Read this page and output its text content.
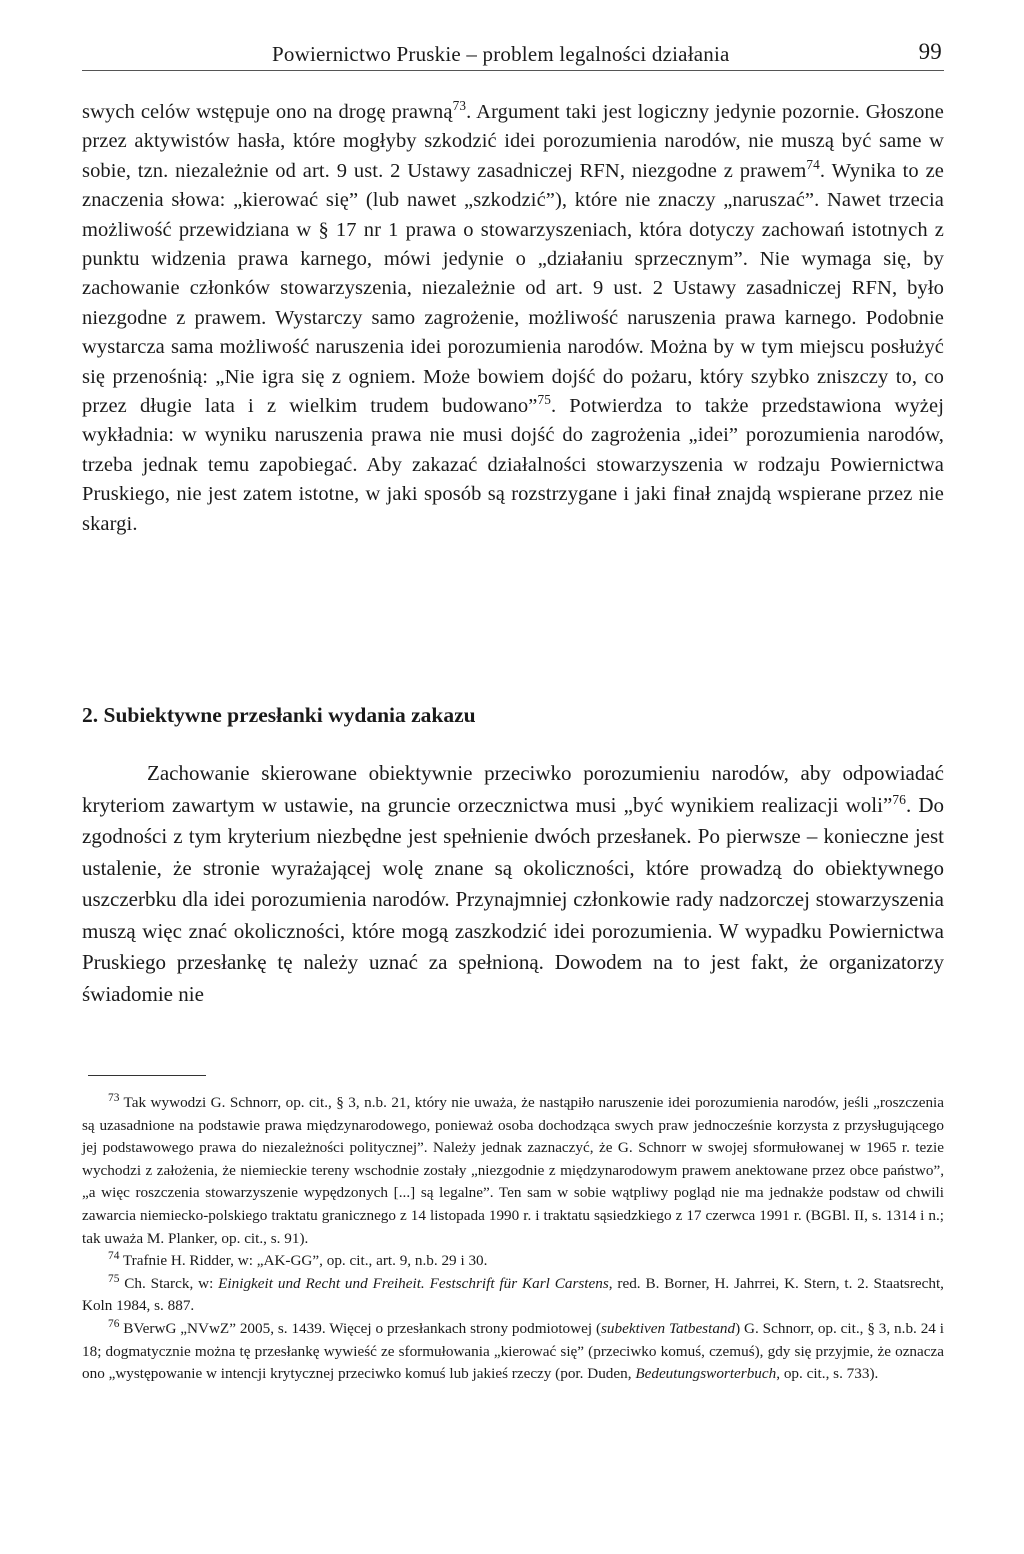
Powiernictwo Pruskie – problem legalności działania	99
swych celów wstępuje ono na drogę prawną$^{73}$. Argument taki jest logiczny jedynie pozornie. Głoszone przez aktywistów hasła, które mogłyby szkodzić idei porozumienia narodów, nie muszą być same w sobie, tzn. niezależnie od art. 9 ust. 2 Ustawy zasadniczej RFN, niezgodne z prawem$^{74}$. Wynika to ze znaczenia słowa: „kierować się” (lub nawet „szkodzić”), które nie znaczy „naruszać”. Nawet trzecia możliwość przewidziana w § 17 nr 1 prawa o stowarzyszeniach, która dotyczy zachowań istotnych z punktu widzenia prawa karnego, mówi jedynie o „działaniu sprzecznym”. Nie wymaga się, by zachowanie członków stowarzyszenia, niezależnie od art. 9 ust. 2 Ustawy zasadniczej RFN, było niezgodne z prawem. Wystarczy samo zagrożenie, możliwość naruszenia prawa karnego. Podobnie wystarcza sama możliwość naruszenia idei porozumienia narodów. Można by w tym miejscu posłużyć się przenośnią: „Nie igra się z ogniem. Może bowiem dojść do pożaru, który szybko zniszczy to, co przez długie lata i z wielkim trudem budowano”$^{75}$. Potwierdza to także przedstawiona wyżej wykładnia: w wyniku naruszenia prawa nie musi dojść do zagrożenia „idei” porozumienia narodów, trzeba jednak temu zapobiegać. Aby zakazać działalności stowarzyszenia w rodzaju Powiernictwa Pruskiego, nie jest zatem istotne, w jaki sposób są rozstrzygane i jaki finał znajdą wspierane przez nie skargi.
2. Subiektywne przesłanki wydania zakazu
Zachowanie skierowane obiektywnie przeciwko porozumieniu narodów, aby odpowiadać kryteriom zawartym w ustawie, na gruncie orzecznictwa musi „być wynikiem realizacji woli”$^{76}$. Do zgodności z tym kryterium niezbędne jest spełnienie dwóch przesłanek. Po pierwsze – konieczne jest ustalenie, że stronie wyrażającej wolę znane są okoliczności, które prowadzą do obiektywnego uszczerbku dla idei porozumienia narodów. Przynajmniej członkowie rady nadzorczej stowarzyszenia muszą więc znać okoliczności, które mogą zaszkodzić idei porozumienia. W wypadku Powiernictwa Pruskiego przesłankę tę należy uznać za spełnioną. Dowodem na to jest fakt, że organizatorzy świadomie nie

$^{73}$ Tak wywodzi G. Schnorr, op. cit., § 3, n.b. 21, który nie uważa, że nastąpiło naruszenie idei porozumienia narodów, jeśli „roszczenia są uzasadnione na podstawie prawa międzynarodowego, ponieważ osoba dochodząca swych praw jednocześnie korzysta z przysługującego jej podstawowego prawa do niezależności politycznej”. Należy jednak zaznaczyć, że G. Schnorr w swojej sformułowanej w 1965 r. tezie wychodzi z założenia, że niemieckie tereny wschodnie zostały „niezgodnie z międzynarodowym prawem anektowane przez obce państwo”, „a więc roszczenia stowarzyszenie wypędzonych [...] są legalne”. Ten sam w sobie wątpliwy pogląd nie ma jednakże podstaw od chwili zawarcia niemiecko-polskiego traktatu granicznego z 14 listopada 1990 r. i traktatu sąsiedzkiego z 17 czerwca 1991 r. (BGBl. II, s. 1314 i n.; tak uważa M. Planker, op. cit., s. 91).

$^{74}$ Trafnie H. Ridder, w: „AK-GG”, op. cit., art. 9, n.b. 29 i 30.

$^{75}$ Ch. Starck, w: Einigkeit und Recht und Freiheit. Festschrift für Karl Carstens, red. B. Borner, H. Jahrrei, K. Stern, t. 2. Staatsrecht, Koln 1984, s. 887.

$^{76}$ BVerwG „NVwZ” 2005, s. 1439. Więcej o przesłankach strony podmiotowej (subektiven Tatbestand) G. Schnorr, op. cit., § 3, n.b. 24 i 18; dogmatycznie można tę przesłankę wywieść ze sformułowania „kierować się” (przeciwko komuś, czemuś), gdy się przyjmie, że oznacza ono „występowanie w intencji krytycznej przeciwko komuś lub jakieś rzeczy (por. Duden, Bedeutungsworterbuch, op. cit., s. 733).
